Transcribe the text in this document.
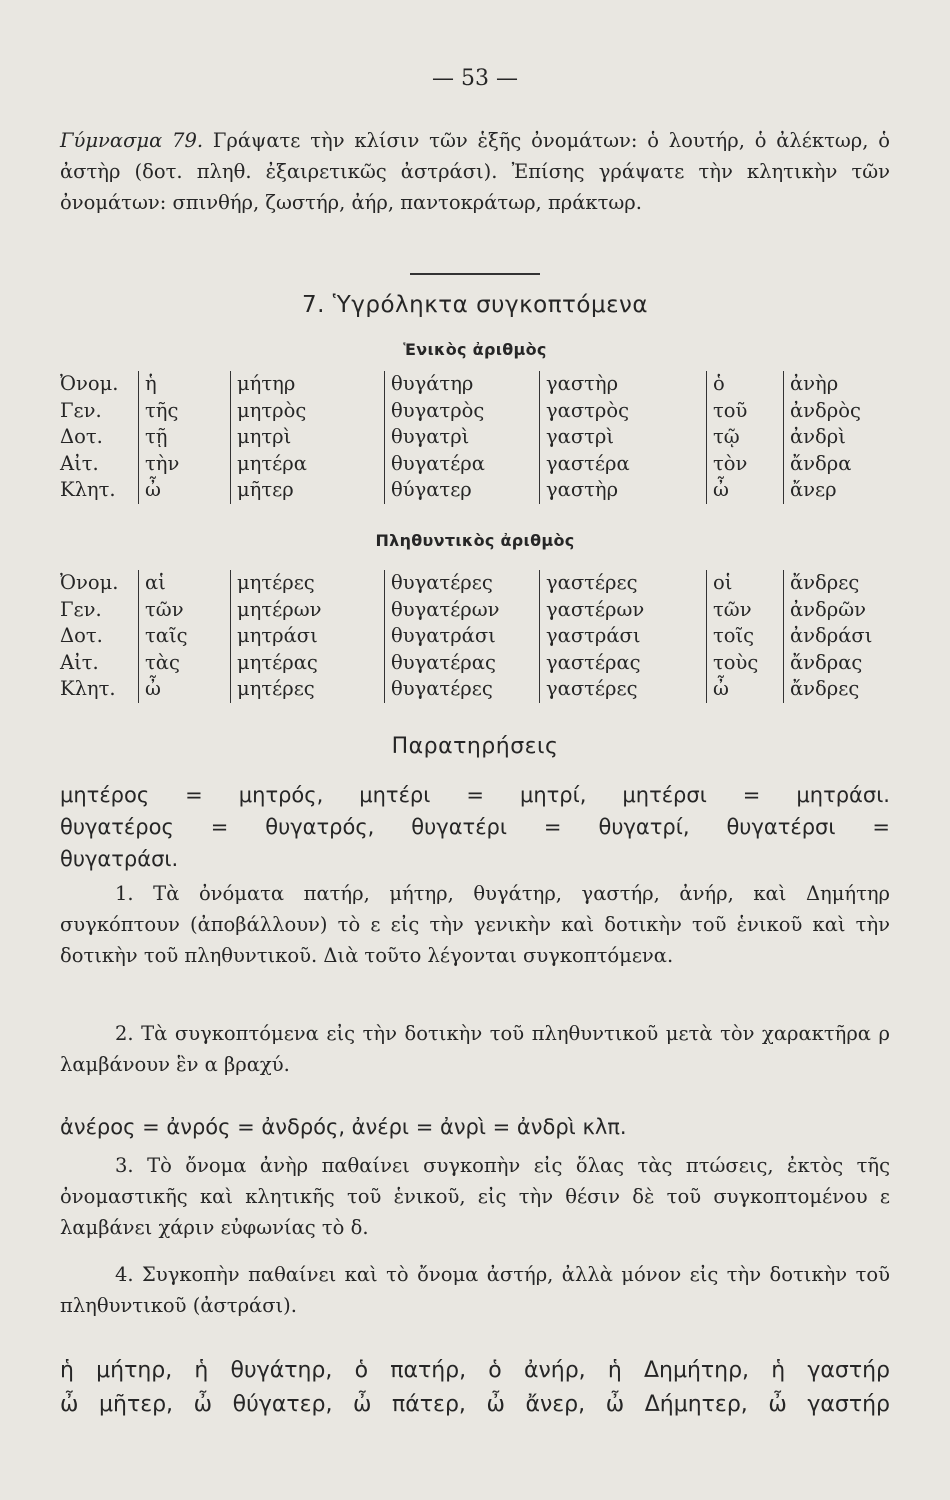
— 53 —

Γύμνασμα 79. Γράψατε τὴν κλίσιν τῶν ἑξῆς ὀνομάτων: ὁ λουτήρ, ὁ ἀλέκτωρ, ὁ ἀστὴρ (δοτ. πληθ. ἐξαιρετικῶς ἀστράσι). Ἐπίσης γράψατε τὴν κλητικὴν τῶν ὀνομάτων: σπινθήρ, ζωστήρ, ἀήρ, παντοκράτωρ, πράκτωρ.

7. Ὑγρόληκτα συγκοπτόμενα
Ἑνικὸς ἀριθμὸς
Ὀνομ.	ἡ	μήτηρ	θυγάτηρ	γαστὴρ	ὁ	ἀνὴρ
Γεν.	τῆς	μητρὸς	θυγατρὸς	γαστρὸς	τοῦ	ἀνδρὸς
Δοτ.	τῇ	μητρὶ	θυγατρὶ	γαστρὶ	τῷ	ἀνδρὶ
Αἰτ.	τὴν	μητέρα	θυγατέρα	γαστέρα	τὸν	ἄνδρα
Κλητ.	ὦ	μῆτερ	θύγατερ	γαστὴρ	ὦ	ἄνερ
Πληθυντικὸς ἀριθμὸς
Ὀνομ.	αἱ	μητέρες	θυγατέρες	γαστέρες	οἱ	ἄνδρες
Γεν.	τῶν	μητέρων	θυγατέρων	γαστέρων	τῶν	ἀνδρῶν
Δοτ.	ταῖς	μητράσι	θυγατράσι	γαστράσι	τοῖς	ἀνδράσι
Αἰτ.	τὰς	μητέρας	θυγατέρας	γαστέρας	τοὺς	ἄνδρας
Κλητ.	ὦ	μητέρες	θυγατέρες	γαστέρες	ὦ	ἄνδρες
Παρατηρήσεις

μητέρος = μητρός, μητέρι = μητρί, μητέρσι = μητράσι.

θυγατέρος = θυγατρός, θυγατέρι = θυγατρί, θυγατέρσι =

θυγατράσι.

1. Τὰ ὀνόματα πατήρ, μήτηρ, θυγάτηρ, γαστήρ, ἀνήρ, καὶ Δημήτηρ συγκόπτουν (ἀποβάλλουν) τὸ ε εἰς τὴν γενικὴν καὶ δοτικὴν τοῦ ἑνικοῦ καὶ τὴν δοτικὴν τοῦ πληθυντικοῦ. Διὰ τοῦτο λέγονται συγκοπτόμενα.

2. Τὰ συγκοπτόμενα εἰς τὴν δοτικὴν τοῦ πληθυντικοῦ μετὰ τὸν χαρακτῆρα ρ λαμβάνουν ἓν α βραχύ.

ἀνέρος = ἀνρός = ἀνδρός, ἀνέρι = ἀνρὶ = ἀνδρὶ κλπ.

3. Τὸ ὄνομα ἀνὴρ παθαίνει συγκοπὴν εἰς ὅλας τὰς πτώσεις, ἐκτὸς τῆς ὀνομαστικῆς καὶ κλητικῆς τοῦ ἑνικοῦ, εἰς τὴν θέσιν δὲ τοῦ συγκοπτομένου ε λαμβάνει χάριν εὐφωνίας τὸ δ.

4. Συγκοπὴν παθαίνει καὶ τὸ ὄνομα ἀστήρ, ἀλλὰ μόνον εἰς τὴν δοτικὴν τοῦ πληθυντικοῦ (ἀστράσι).

ἡ μήτηρ, ἡ θυγάτηρ, ὁ πατήρ, ὁ ἀνήρ, ἡ Δημήτηρ, ἡ γαστήρ

ὦ μῆτερ, ὦ θύγατερ, ὦ πάτερ, ὦ ἄνερ, ὦ Δήμητερ, ὦ γαστήρ
